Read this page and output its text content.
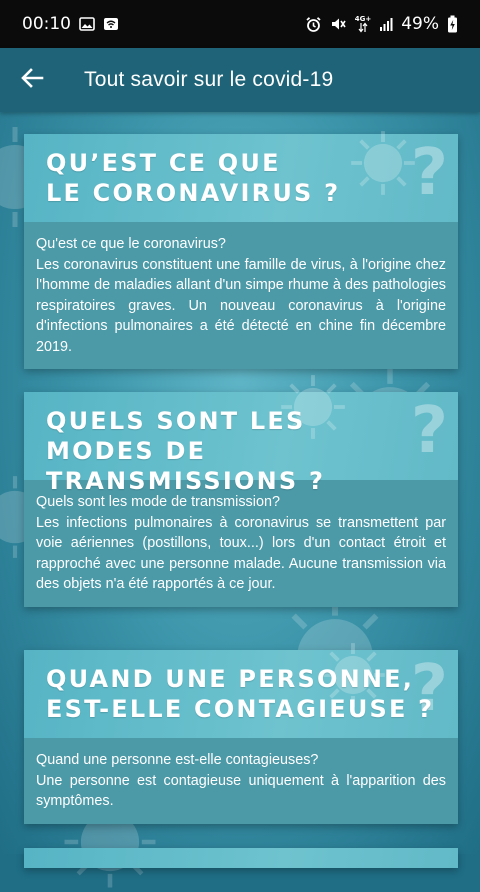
00:10	4G+ 49%
Tout savoir sur le covid-19
?
QU’EST CE QUE
LE CORONAVIRUS ?

Qu'est ce que le coronavirus?

Les coronavirus constituent une famille de virus, à l'origine chez l'homme de maladies allant d'un simpe rhume à des pathologies respiratoires graves. Un nouveau coronavirus à l'origine d'infections pulmonaires a été détecté en chine fin décembre 2019.

?
QUELS SONT LES
MODES DE TRANSMISSIONS ?

Quels sont les mode de transmission?

Les infections pulmonaires à coronavirus se transmettent par voie aériennes (postillons, toux...) lors d'un contact étroit et rapproché avec une personne malade. Aucune transmission via des objets n'a été rapportés à ce jour.

?
QUAND UNE PERSONNE,
EST-ELLE CONTAGIEUSE ?

Quand une personne est-elle contagieuses?

Une personne est contagieuse uniquement à l'apparition des symptômes.
